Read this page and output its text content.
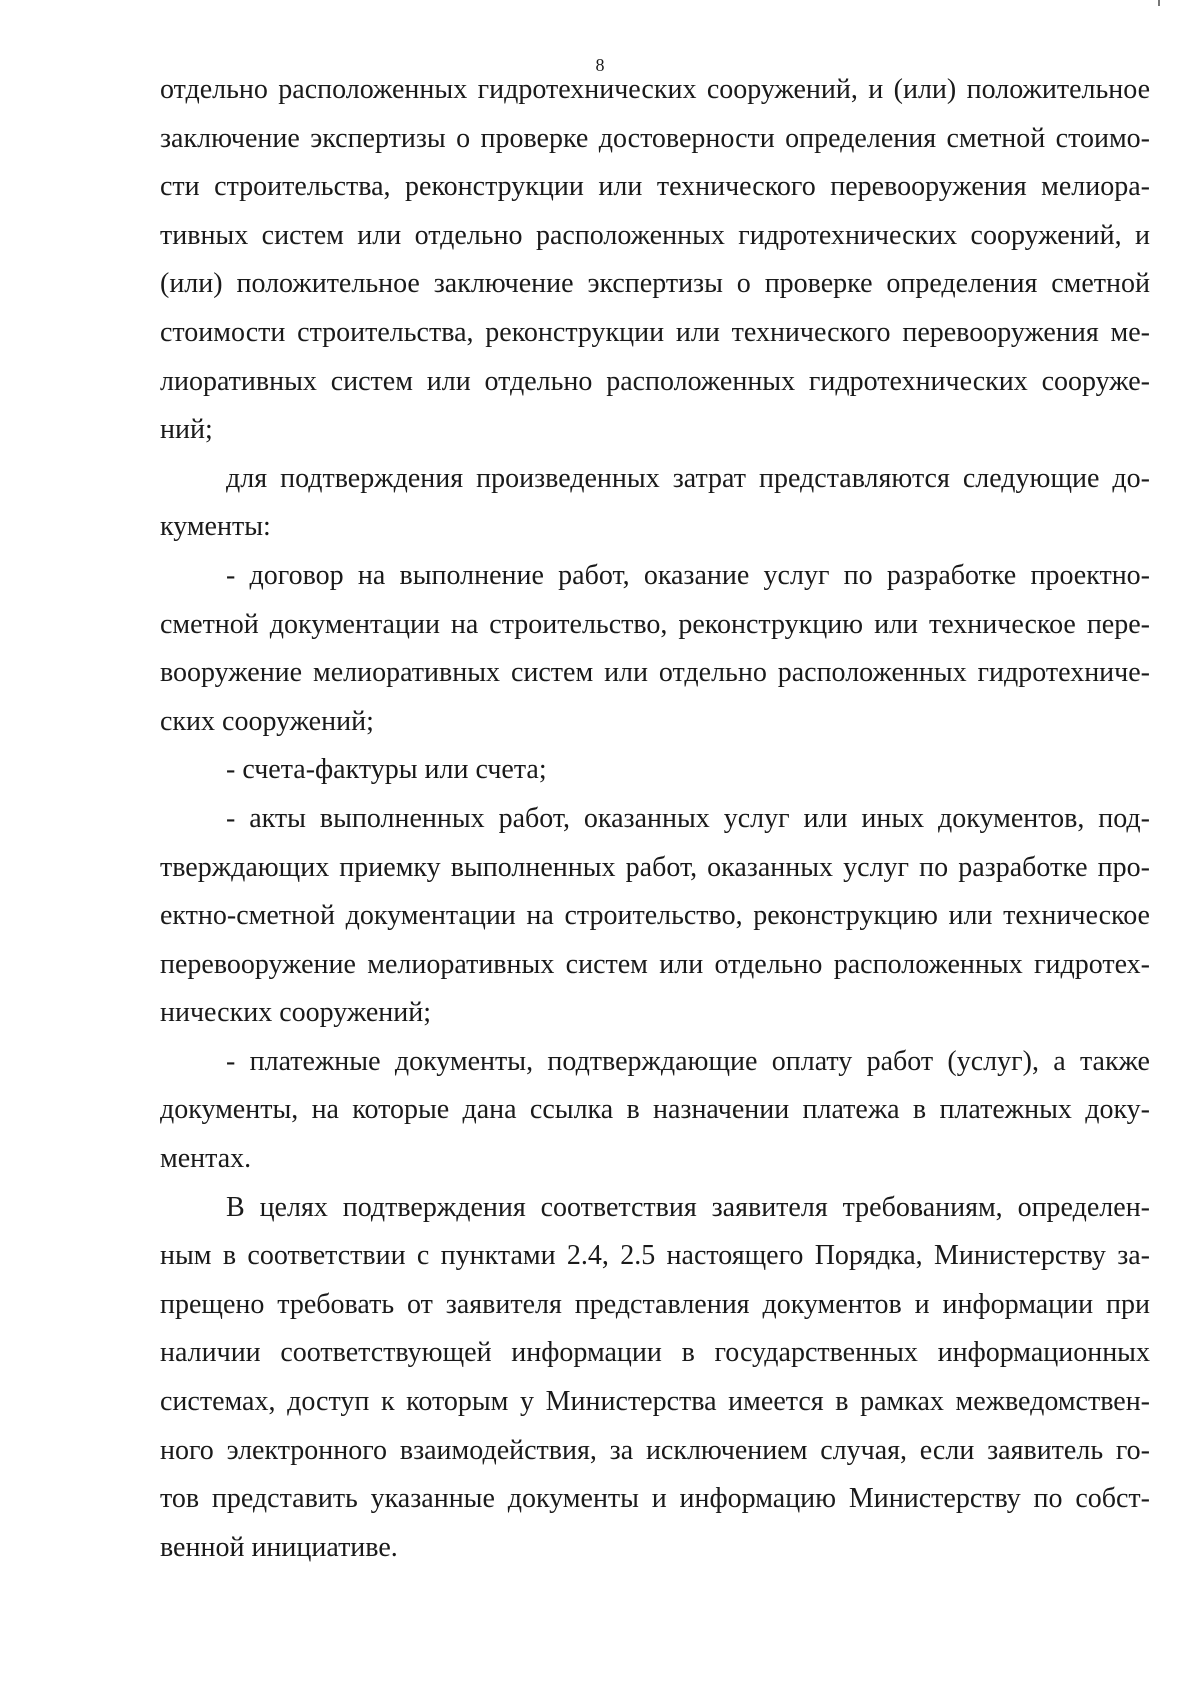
8
отдельно расположенных гидротехнических сооружений, и (или) положительное
заключение экспертизы о проверке достоверности определения сметной стоимо-
сти строительства, реконструкции или технического перевооружения мелиора-
тивных систем или отдельно расположенных гидротехнических сооружений, и
(или) положительное заключение экспертизы о проверке определения сметной
стоимости строительства, реконструкции или технического перевооружения ме-
лиоративных систем или отдельно расположенных гидротехнических сооруже-
ний;
для подтверждения произведенных затрат представляются следующие до-
кументы:
- договор на выполнение работ, оказание услуг по разработке проектно-
сметной документации на строительство, реконструкцию или техническое пере-
вооружение мелиоративных систем или отдельно расположенных гидротехниче-
ских сооружений;
- счета-фактуры или счета;
- акты выполненных работ, оказанных услуг или иных документов, под-
тверждающих приемку выполненных работ, оказанных услуг по разработке про-
ектно-сметной документации на строительство, реконструкцию или техническое
перевооружение мелиоративных систем или отдельно расположенных гидротех-
нических сооружений;
- платежные документы, подтверждающие оплату работ (услуг), а также
документы, на которые дана ссылка в назначении платежа в платежных доку-
ментах.
В целях подтверждения соответствия заявителя требованиям, определен-
ным в соответствии с пунктами 2.4, 2.5 настоящего Порядка, Министерству за-
прещено требовать от заявителя представления документов и информации при
наличии соответствующей информации в государственных информационных
системах, доступ к которым у Министерства имеется в рамках межведомствен-
ного электронного взаимодействия, за исключением случая, если заявитель го-
тов представить указанные документы и информацию Министерству по собст-
венной инициативе.
